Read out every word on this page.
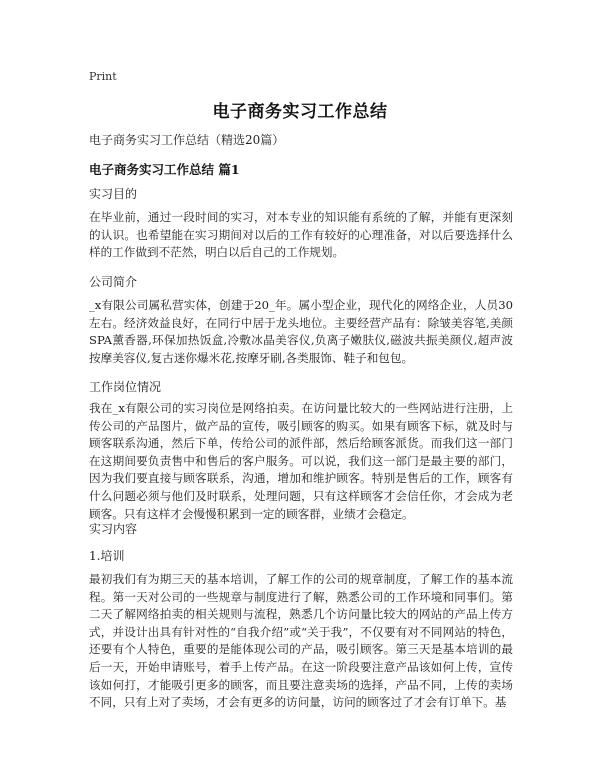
Print
电子商务实习工作总结
电子商务实习工作总结（精选20篇）
电子商务实习工作总结 篇1
实习目的
在毕业前，通过一段时间的实习，对本专业的知识能有系统的了解，并能有更深刻的认识。也希望能在实习期间对以后的工作有较好的心理准备，对以后要选择什么样的工作做到不茫然，明白以后自己的工作规划。
公司简介
_x有限公司属私营实体，创建于20_年。属小型企业，现代化的网络企业，人员30左右。经济效益良好，在同行中居于龙头地位。主要经营产品有：除皱美容笔,美颜SPA薰香器,环保加热饭盒,冷敷冰晶美容仪,负离子嫩肤仪,磁波共振美颜仪,超声波按摩美容仪,复古迷你爆米花,按摩牙刷,各类服饰、鞋子和包包。
工作岗位情况
我在_x有限公司的实习岗位是网络拍卖。在访问量比较大的一些网站进行注册，上传公司的产品图片，做产品的宣传，吸引顾客的购买。如果有顾客下标，就及时与顾客联系沟通，然后下单，传给公司的派件部，然后给顾客派货。而我们这一部门在这期间要负责售中和售后的客户服务。可以说，我们这一部门是最主要的部门，因为我们要直接与顾客联系，沟通，增加和维护顾客。特别是售后的工作，顾客有什么问题必须与他们及时联系，处理问题，只有这样顾客才会信任你，才会成为老顾客。只有这样才会慢慢积累到一定的顾客群，业绩才会稳定。
实习内容
1.培训
最初我们有为期三天的基本培训，了解工作的公司的规章制度，了解工作的基本流程。第一天对公司的一些规章与制度进行了解，熟悉公司的工作环境和同事们。第二天了解网络拍卖的相关规则与流程，熟悉几个访问量比较大的网站的产品上传方式，并设计出具有针对性的“自我介绍”或“关于我”，不仅要有对不同网站的特色，还要有个人特色，重要的是能体现公司的产品，吸引顾客。第三天是基本培训的最后一天，开始申请账号，着手上传产品。在这一阶段要注意产品该如何上传，宣传该如何打，才能吸引更多的顾客，而且要注意卖场的选择，产品不同，上传的卖场不同，只有上对了卖场，才会有更多的访问量，访问的顾客过了才会有订单下。基
